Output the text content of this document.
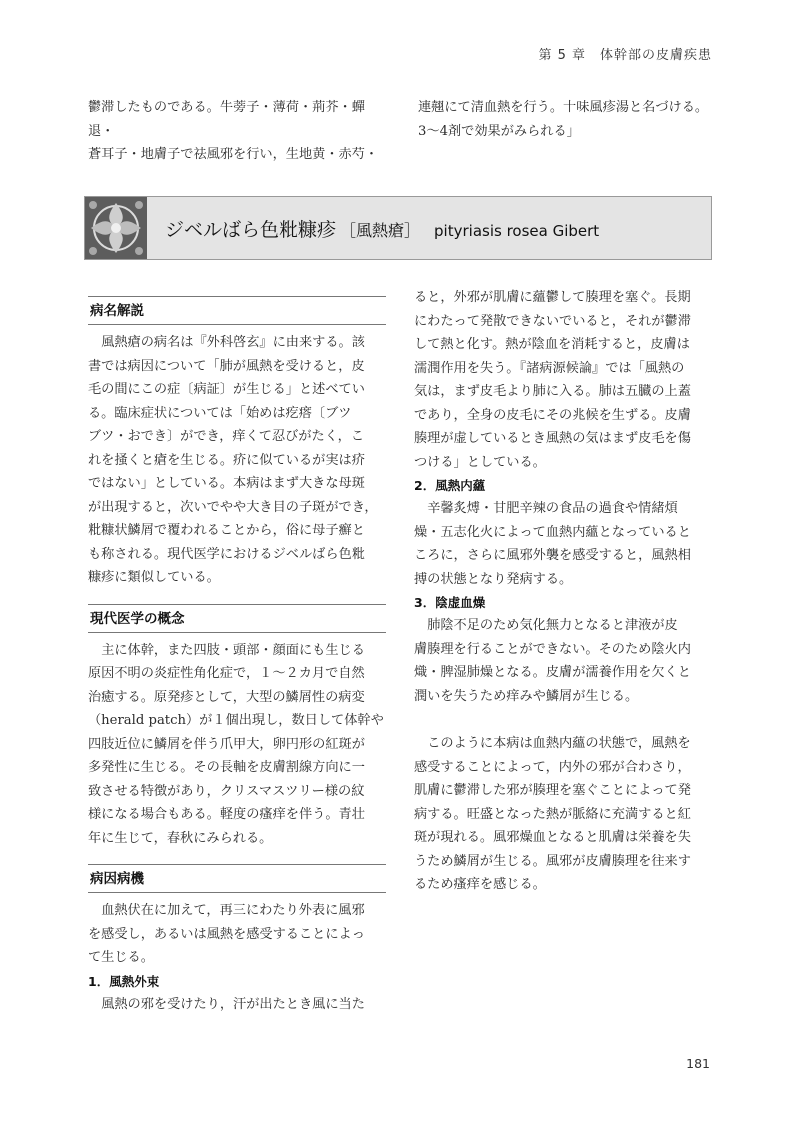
第 5 章　体幹部の皮膚疾患

鬱滞したものである。牛蒡子・薄荷・荊芥・蟬退・

蒼耳子・地膚子で祛風邪を行い，生地黄・赤芍・

連翹にて清血熱を行う。十味風疹湯と名づける。

3～4剤で効果がみられる」

ジベルばら色粃糠疹 ［風熱瘡］ pityriasis rosea Gibert
病名解説

風熱瘡の病名は『外科啓玄』に由来する。該

書では病因について「肺が風熱を受けると，皮

毛の間にこの症〔病証〕が生じる」と述べてい

る。臨床症状については「始めは疙瘩〔ブツ

ブツ・おでき〕ができ，痒くて忍びがたく，こ

れを掻くと瘡を生じる。疥に似ているが実は疥

ではない」としている。本病はまず大きな母斑

が出現すると，次いでやや大き目の子斑ができ，

粃糠状鱗屑で覆われることから，俗に母子癬と

も称される。現代医学におけるジベルばら色粃

糠疹に類似している。

現代医学の概念

主に体幹，また四肢・頭部・顔面にも生じる

原因不明の炎症性角化症で，１～２カ月で自然

治癒する。原発疹として，大型の鱗屑性の病変

（herald patch）が１個出現し，数日して体幹や

四肢近位に鱗屑を伴う爪甲大，卵円形の紅斑が

多発性に生じる。その長軸を皮膚割線方向に一

致させる特徴があり，クリスマスツリー様の紋

様になる場合もある。軽度の瘙痒を伴う。青壮

年に生じて，春秋にみられる。

病因病機

血熱伏在に加えて，再三にわたり外表に風邪

を感受し，あるいは風熱を感受することによっ

て生じる。

1．風熱外束

風熱の邪を受けたり，汗が出たとき風に当た

ると，外邪が肌膚に蘊鬱して腠理を塞ぐ。長期

にわたって発散できないでいると，それが鬱滞

して熱と化す。熱が陰血を消耗すると，皮膚は

濡潤作用を失う。『諸病源候論』では「風熱の

気は，まず皮毛より肺に入る。肺は五臓の上蓋

であり，全身の皮毛にその兆候を生ずる。皮膚

腠理が虚しているとき風熱の気はまず皮毛を傷

つける」としている。

2．風熱内蘊

辛馨炙煿・甘肥辛辣の食品の過食や情緒煩

燥・五志化火によって血熱内蘊となっていると

ころに，さらに風邪外襲を感受すると，風熱相

搏の状態となり発病する。

3．陰虚血燥

肺陰不足のため気化無力となると津液が皮

膚腠理を行ることができない。そのため陰火内

熾・脾湿肺燥となる。皮膚が濡養作用を欠くと

潤いを失うため痒みや鱗屑が生じる。

このように本病は血熱内蘊の状態で，風熱を

感受することによって，内外の邪が合わさり，

肌膚に鬱滞した邪が腠理を塞ぐことによって発

病する。旺盛となった熱が脈絡に充満すると紅

斑が現れる。風邪燥血となると肌膚は栄養を失

うため鱗屑が生じる。風邪が皮膚腠理を往来す

るため瘙痒を感じる。

181
